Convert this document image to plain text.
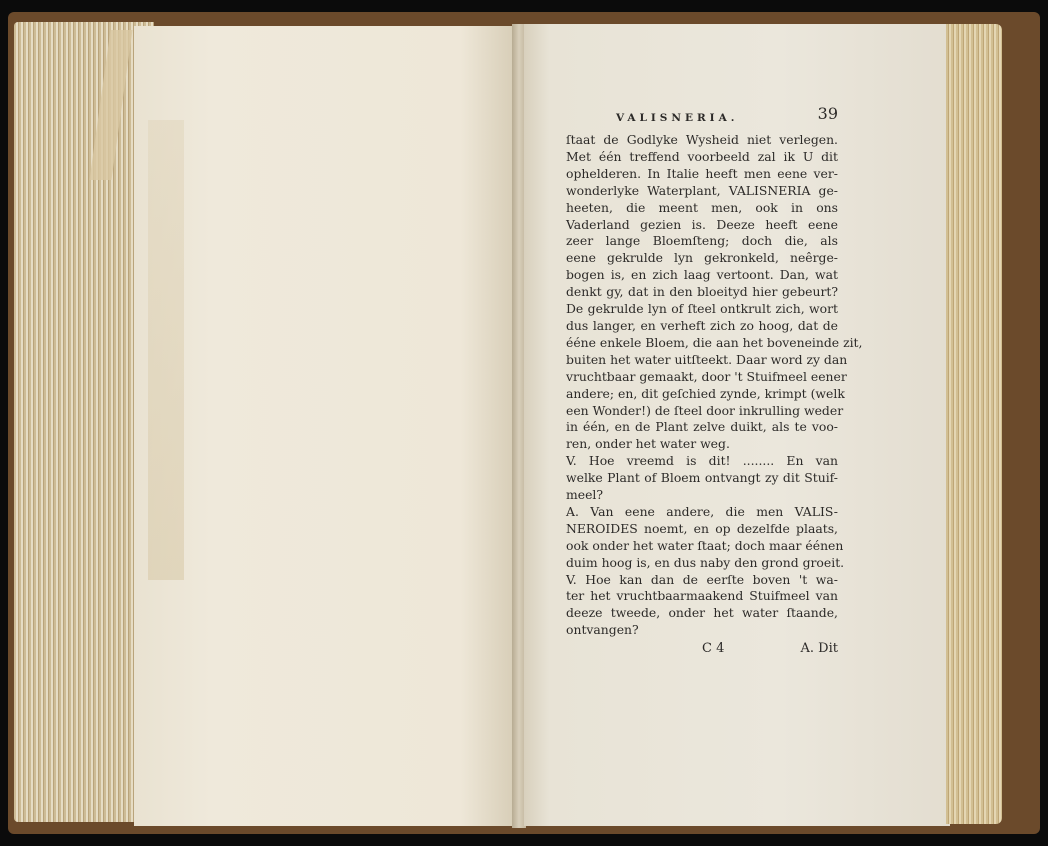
VALISNERIA.	39
ſtaat de Godlyke Wysheid niet verlegen.
Met één treffend voorbeeld zal ik U dit
ophelderen. In Italie heeft men eene ver-
wonderlyke Waterplant, VALISNERIA ge-
heeten, die meent men, ook in ons
Vaderland gezien is. Deeze heeft eene
zeer lange Bloemſteng; doch die, als
eene gekrulde lyn gekronkeld, neêrge-
bogen is, en zich laag vertoont. Dan, wat
denkt gy, dat in den bloeityd hier gebeurt?
De gekrulde lyn of ſteel ontkrult zich, wort
dus langer, en verheft zich zo hoog, dat de
ééne enkele Bloem, die aan het boveneinde zit,
buiten het water uitſteekt. Daar word zy dan
vruchtbaar gemaakt, door 't Stuifmeel eener
andere; en, dit geſchied zynde, krimpt (welk
een Wonder!) de ſteel door inkrulling weder
in één, en de Plant zelve duikt, als te voo-
ren, onder het water weg.
V. Hoe vreemd is dit! ........ En van
welke Plant of Bloem ontvangt zy dit Stuif-
meel?
A. Van eene andere, die men VALIS-
NEROIDES noemt, en op dezelfde plaats,
ook onder het water ſtaat; doch maar éénen
duim hoog is, en dus naby den grond groeit.
V. Hoe kan dan de eerſte boven 't wa-
ter het vruchtbaarmaakend Stuifmeel van
deeze tweede, onder het water ſtaande,
ontvangen?
C 4	A. Dit
